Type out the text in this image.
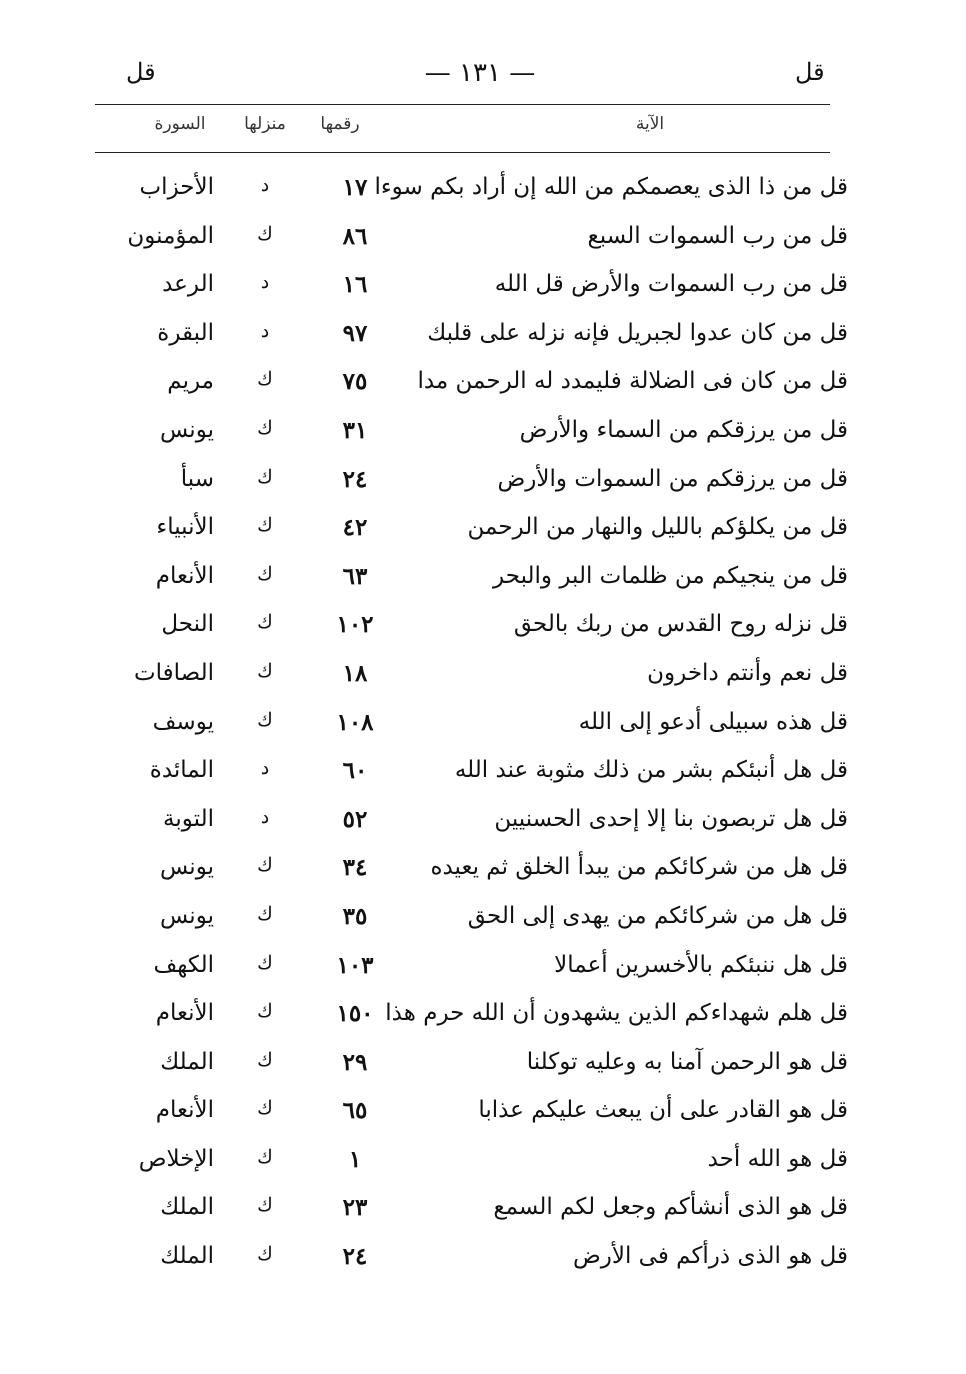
قل
— ١٣١ —
قل
الآية
رقمها
منزلها
السورة
قل من ذا الذى يعصمكم من الله إن أراد بكم سوءا
١٧
د
الأحزاب
قل من رب السموات السبع
٨٦
ك
المؤمنون
قل من رب السموات والأرض قل الله
١٦
د
الرعد
قل من كان عدوا لجبريل فإنه نزله على قلبك
٩٧
د
البقرة
قل من كان فى الضلالة فليمدد له الرحمن مدا
٧٥
ك
مريم
قل من يرزقكم من السماء والأرض
٣١
ك
يونس
قل من يرزقكم من السموات والأرض
٢٤
ك
سبأ
قل من يكلؤكم بالليل والنهار من الرحمن
٤٢
ك
الأنبياء
قل من ينجيكم من ظلمات البر والبحر
٦٣
ك
الأنعام
قل نزله روح القدس من ربك بالحق
١٠٢
ك
النحل
قل نعم وأنتم داخرون
١٨
ك
الصافات
قل هذه سبيلى أدعو إلى الله
١٠٨
ك
يوسف
قل هل أنبئكم بشر من ذلك مثوبة عند الله
٦٠
د
المائدة
قل هل تربصون بنا إلا إحدى الحسنيين
٥٢
د
التوبة
قل هل من شركائكم من يبدأ الخلق ثم يعيده
٣٤
ك
يونس
قل هل من شركائكم من يهدى إلى الحق
٣٥
ك
يونس
قل هل ننبئكم بالأخسرين أعمالا
١٠٣
ك
الكهف
قل هلم شهداءكم الذين يشهدون أن الله حرم هذا
١٥٠
ك
الأنعام
قل هو الرحمن آمنا به وعليه توكلنا
٢٩
ك
الملك
قل هو القادر على أن يبعث عليكم عذابا
٦٥
ك
الأنعام
قل هو الله أحد
١
ك
الإخلاص
قل هو الذى أنشأكم وجعل لكم السمع
٢٣
ك
الملك
قل هو الذى ذرأكم فى الأرض
٢٤
ك
الملك
